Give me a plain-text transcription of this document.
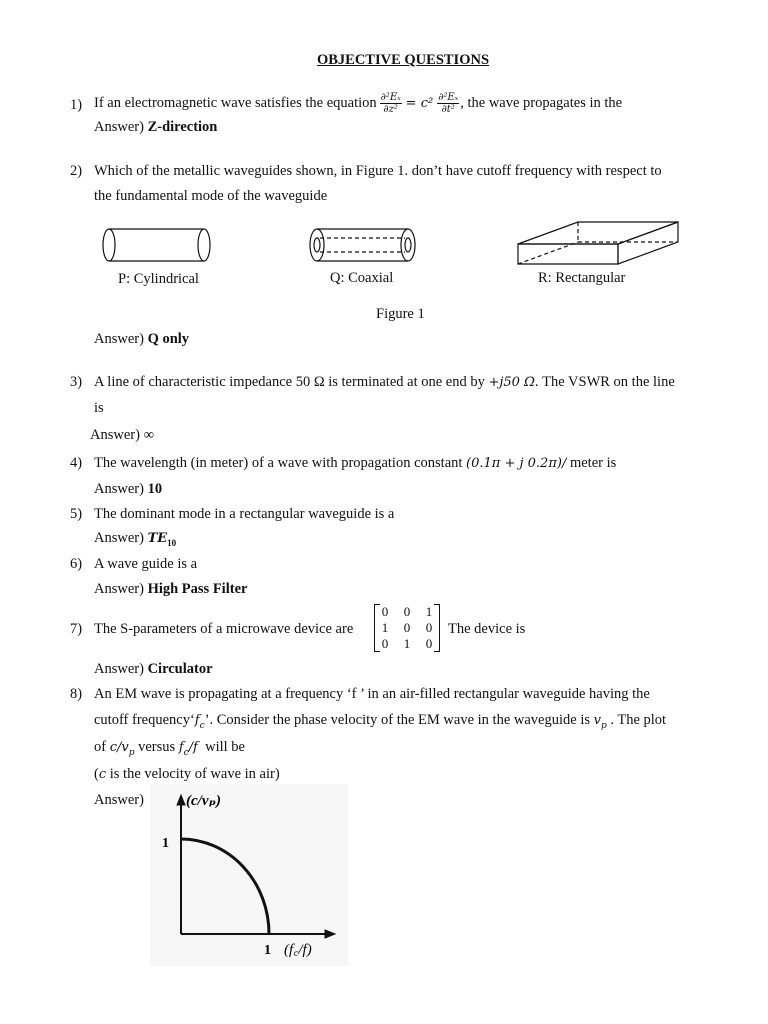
OBJECTIVE QUESTIONS
1) If an electromagnetic wave satisfies the equation $\frac{\text{∂²Eₓ}}{\text{∂z²}} = c^2 \frac{\text{∂²Eₓ}}{\text{∂t²}}$ , the wave propagates in the
Answer) Z-direction
2) Which of the metallic waveguides shown, in Figure 1. don’t have cutoff frequency with respect to
the fundamental mode of the waveguide
P: Cylindrical	Q: Coaxial	R: Rectangular
Figure 1
Answer) Q only
3) A line of characteristic impedance 50 Ω is terminated at one end by +j50 Ω. The VSWR on the line
is
Answer) ∞
4) The wavelength (in meter) of a wave with propagation constant (0.1π + j 0.2π)/ meter is
Answer) 10
5) The dominant mode in a rectangular waveguide is a
Answer) $TE_{10}$
6) A wave guide is a
Answer) High Pass Filter
7) The S-parameters of a microwave device are
0 0 1
1 0 0
0 1 0
The device is
Answer) Circulator
8) An EM wave is propagating at a frequency ‘f ’ in an air-filled rectangular waveguide having the
cutoff $frequency‘f_c$’. Consider the phase velocity of the EM wave in the waveguide is $v_p$ . The plot
of $c/v_p$ versus $f_c/f$ will be
(c is the velocity of wave in air)
Answer)	(c/vₚ)
1
1 (f꜀/f)
